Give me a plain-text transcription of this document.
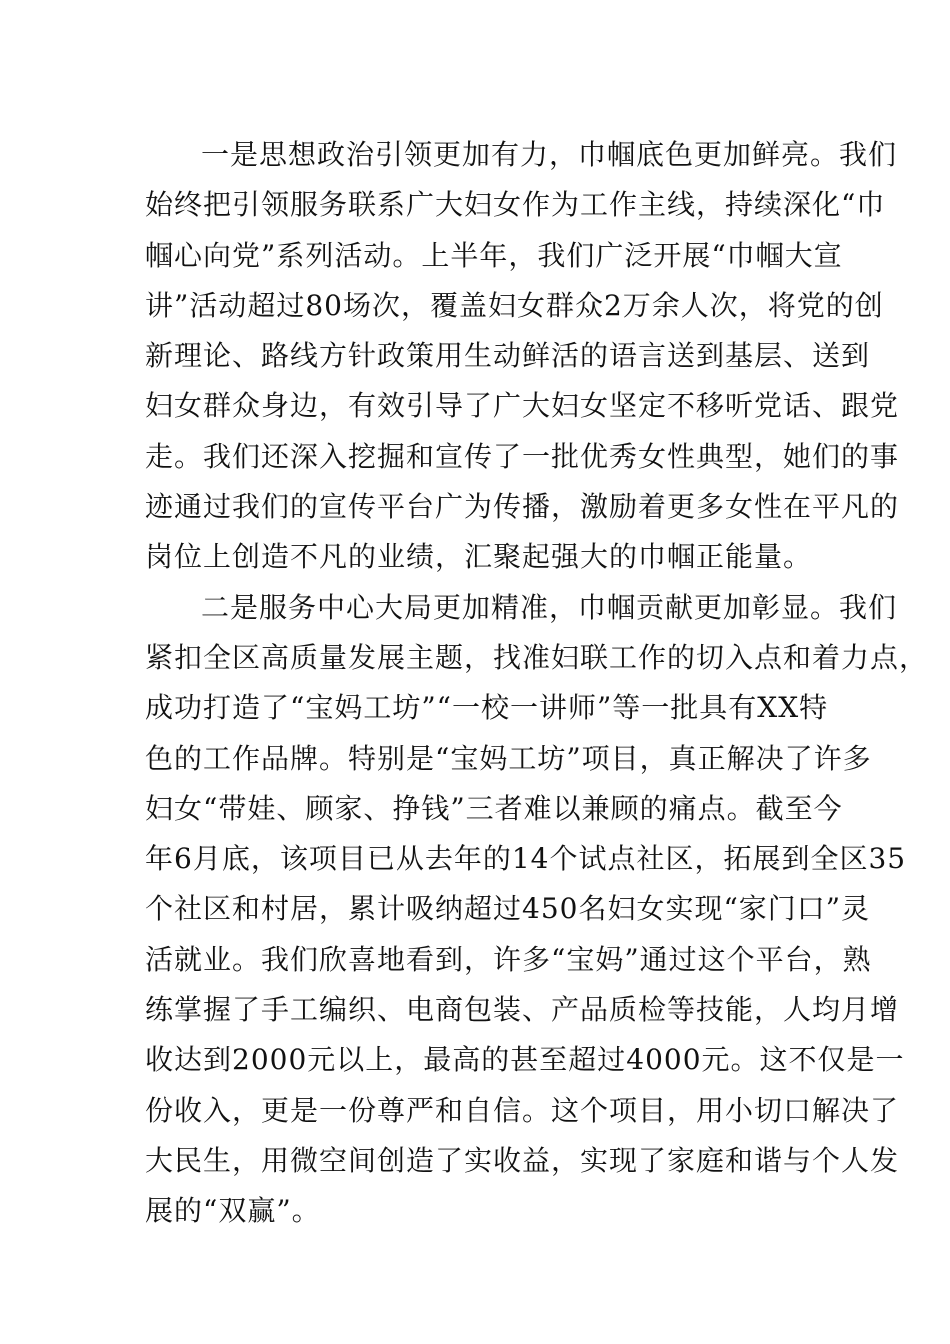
一是思想政治引领更加有力，巾帼底色更加鲜亮。我们
始终把引领服务联系广大妇女作为工作主线，持续深化“巾
帼心向党”系列活动。上半年，我们广泛开展“巾帼大宣
讲”活动超过80场次，覆盖妇女群众2万余人次，将党的创
新理论、路线方针政策用生动鲜活的语言送到基层、送到
妇女群众身边，有效引导了广大妇女坚定不移听党话、跟党
走。我们还深入挖掘和宣传了一批优秀女性典型，她们的事
迹通过我们的宣传平台广为传播，激励着更多女性在平凡的
岗位上创造不凡的业绩，汇聚起强大的巾帼正能量。
二是服务中心大局更加精准，巾帼贡献更加彰显。我们
紧扣全区高质量发展主题，找准妇联工作的切入点和着力点，
成功打造了“宝妈工坊”“一校一讲师”等一批具有XX特
色的工作品牌。特别是“宝妈工坊”项目，真正解决了许多
妇女“带娃、顾家、挣钱”三者难以兼顾的痛点。截至今
年6月底，该项目已从去年的14个试点社区，拓展到全区35
个社区和村居，累计吸纳超过450名妇女实现“家门口”灵
活就业。我们欣喜地看到，许多“宝妈”通过这个平台，熟
练掌握了手工编织、电商包装、产品质检等技能，人均月增
收达到2000元以上，最高的甚至超过4000元。这不仅是一
份收入，更是一份尊严和自信。这个项目，用小切口解决了
大民生，用微空间创造了实收益，实现了家庭和谐与个人发
展的“双赢”。
